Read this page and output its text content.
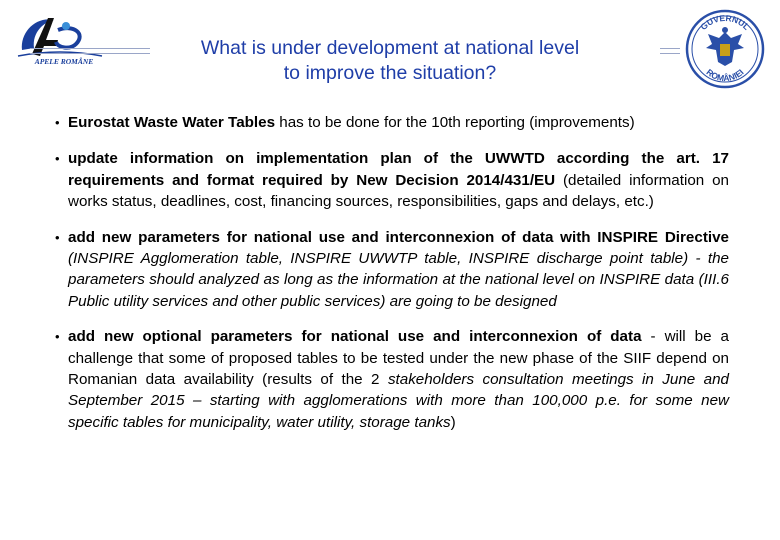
APELE ROMÂNE
What is under development at national level
to improve the situation?
GUVERNUL
ROMÂNIEI
• Eurostat Waste Water Tables has to be done for the 10th reporting (improvements)
• update information on implementation plan of the UWWTD according the art. 17 requirements and format required by New Decision 2014/431/EU (detailed information on works status, deadlines, cost, financing sources, responsibilities, gaps and delays, etc.)
• add new parameters for national use and interconnexion of data with INSPIRE Directive (INSPIRE Agglomeration table, INSPIRE UWWTP table, INSPIRE discharge point table) - the parameters should analyzed as long as the information at the national level on INSPIRE data (III.6 Public utility services and other public services) are going to be designed
• add new optional parameters for national use and interconnexion of data - will be a challenge that some of proposed tables to be tested under the new phase of the SIIF depend on Romanian data availability (results of the 2 stakeholders consultation meetings in June and September 2015 – starting with agglomerations with more than 100,000 p.e. for some new specific tables for municipality, water utility, storage tanks)
